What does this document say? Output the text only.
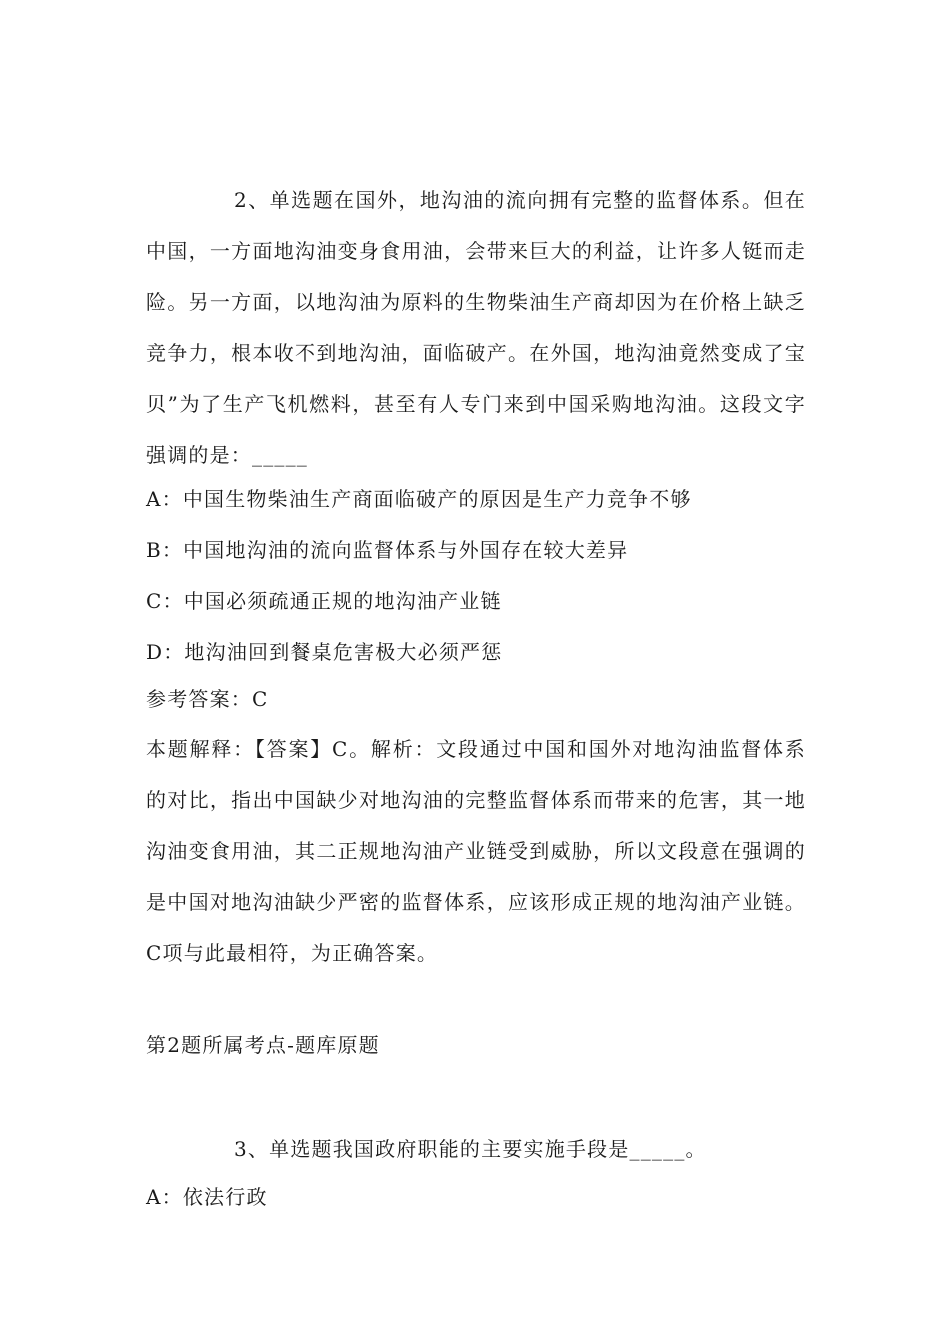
2、单选题在国外，地沟油的流向拥有完整的监督体系。但在中国，一方面地沟油变身食用油，会带来巨大的利益，让许多人铤而走险。另一方面，以地沟油为原料的生物柴油生产商却因为在价格上缺乏竞争力，根本收不到地沟油，面临破产。在外国，地沟油竟然变成了宝贝”为了生产飞机燃料，甚至有人专门来到中国采购地沟油。这段文字强调的是：_____

A：中国生物柴油生产商面临破产的原因是生产力竞争不够

B：中国地沟油的流向监督体系与外国存在较大差异

C：中国必须疏通正规的地沟油产业链

D：地沟油回到餐桌危害极大必须严惩

参考答案：C

本题解释：【答案】C。解析：文段通过中国和国外对地沟油监督体系的对比，指出中国缺少对地沟油的完整监督体系而带来的危害，其一地沟油变食用油，其二正规地沟油产业链受到威胁，所以文段意在强调的是中国对地沟油缺少严密的监督体系，应该形成正规的地沟油产业链。C项与此最相符，为正确答案。

第2题所属考点-题库原题

3、单选题我国政府职能的主要实施手段是_____。

A：依法行政
